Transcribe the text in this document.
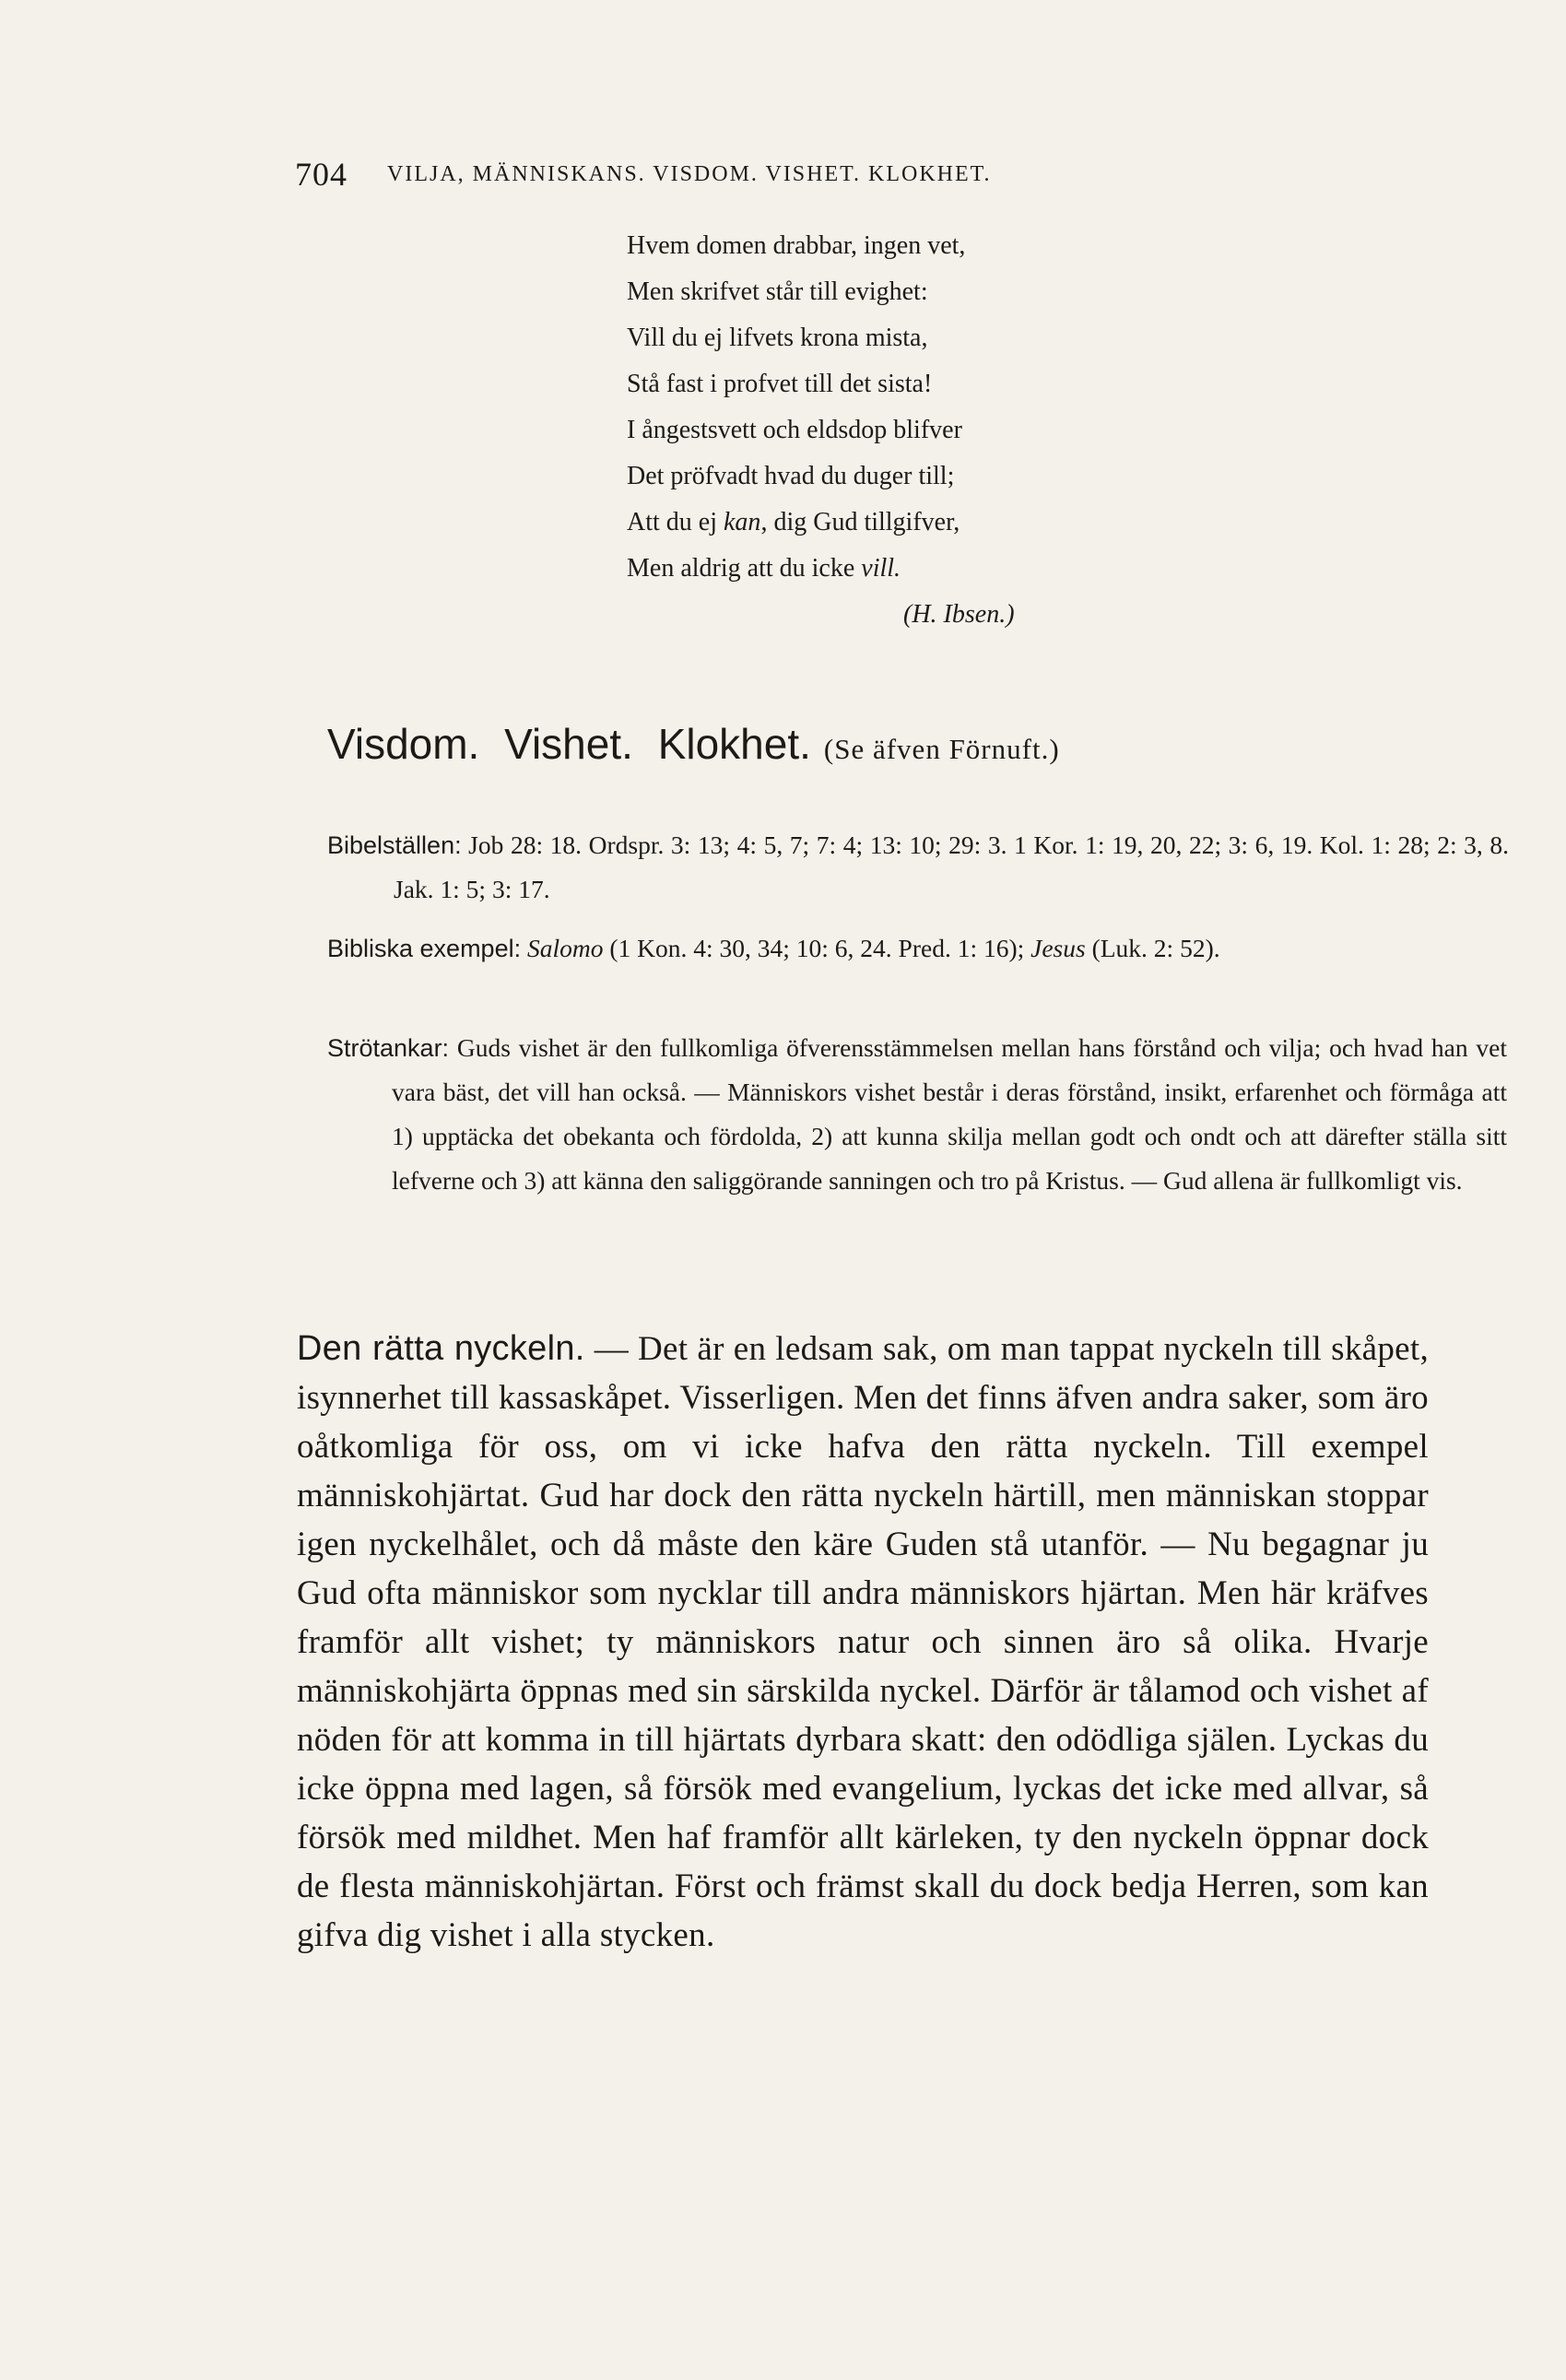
704 VILJA, MÄNNISKANS. VISDOM. VISHET. KLOKHET.
Hvem domen drabbar, ingen vet,
Men skrifvet står till evighet:
Vill du ej lifvets krona mista,
Stå fast i profvet till det sista!
I ångestsvett och eldsdop blifver
Det pröfvadt hvad du duger till;
Att du ej kan, dig Gud tillgifver,
Men aldrig att du icke vill.
(H. Ibsen.)
Visdom. Vishet. Klokhet. (Se äfven Förnuft.)
Bibelställen: Job 28: 18. Ordspr. 3: 13; 4: 5, 7; 7: 4; 13: 10; 29: 3. 1 Kor. 1: 19, 20, 22; 3: 6, 19. Kol. 1: 28; 2: 3, 8. Jak. 1: 5; 3: 17.
Bibliska exempel: Salomo (1 Kon. 4: 30, 34; 10: 6, 24. Pred. 1: 16); Jesus (Luk. 2: 52).
Strötankar: Guds vishet är den fullkomliga öfverensstämmelsen mellan hans förstånd och vilja; och hvad han vet vara bäst, det vill han också. — Människors vishet består i deras förstånd, insikt, erfarenhet och förmåga att 1) upptäcka det obekanta och fördolda, 2) att kunna skilja mellan godt och ondt och att därefter ställa sitt lefverne och 3) att känna den saliggörande sanningen och tro på Kristus. — Gud allena är fullkomligt vis.
Den rätta nyckeln. — Det är en ledsam sak, om man tappat nyckeln till skåpet, isynnerhet till kassaskåpet. Visserligen. Men det finns äfven andra saker, som äro oåtkomliga för oss, om vi icke hafva den rätta nyckeln. Till exempel människohjärtat. Gud har dock den rätta nyckeln härtill, men människan stoppar igen nyckelhålet, och då måste den käre Guden stå utanför. — Nu begagnar ju Gud ofta människor som nycklar till andra människors hjärtan. Men här kräfves framför allt vishet; ty människors natur och sinnen äro så olika. Hvarje människohjärta öppnas med sin särskilda nyckel. Därför är tålamod och vishet af nöden för att komma in till hjärtats dyrbara skatt: den odödliga själen. Lyckas du icke öppna med lagen, så försök med evangelium, lyckas det icke med allvar, så försök med mildhet. Men haf framför allt kärleken, ty den nyckeln öppnar dock de flesta människohjärtan. Först och främst skall du dock bedja Herren, som kan gifva dig vishet i alla stycken.
